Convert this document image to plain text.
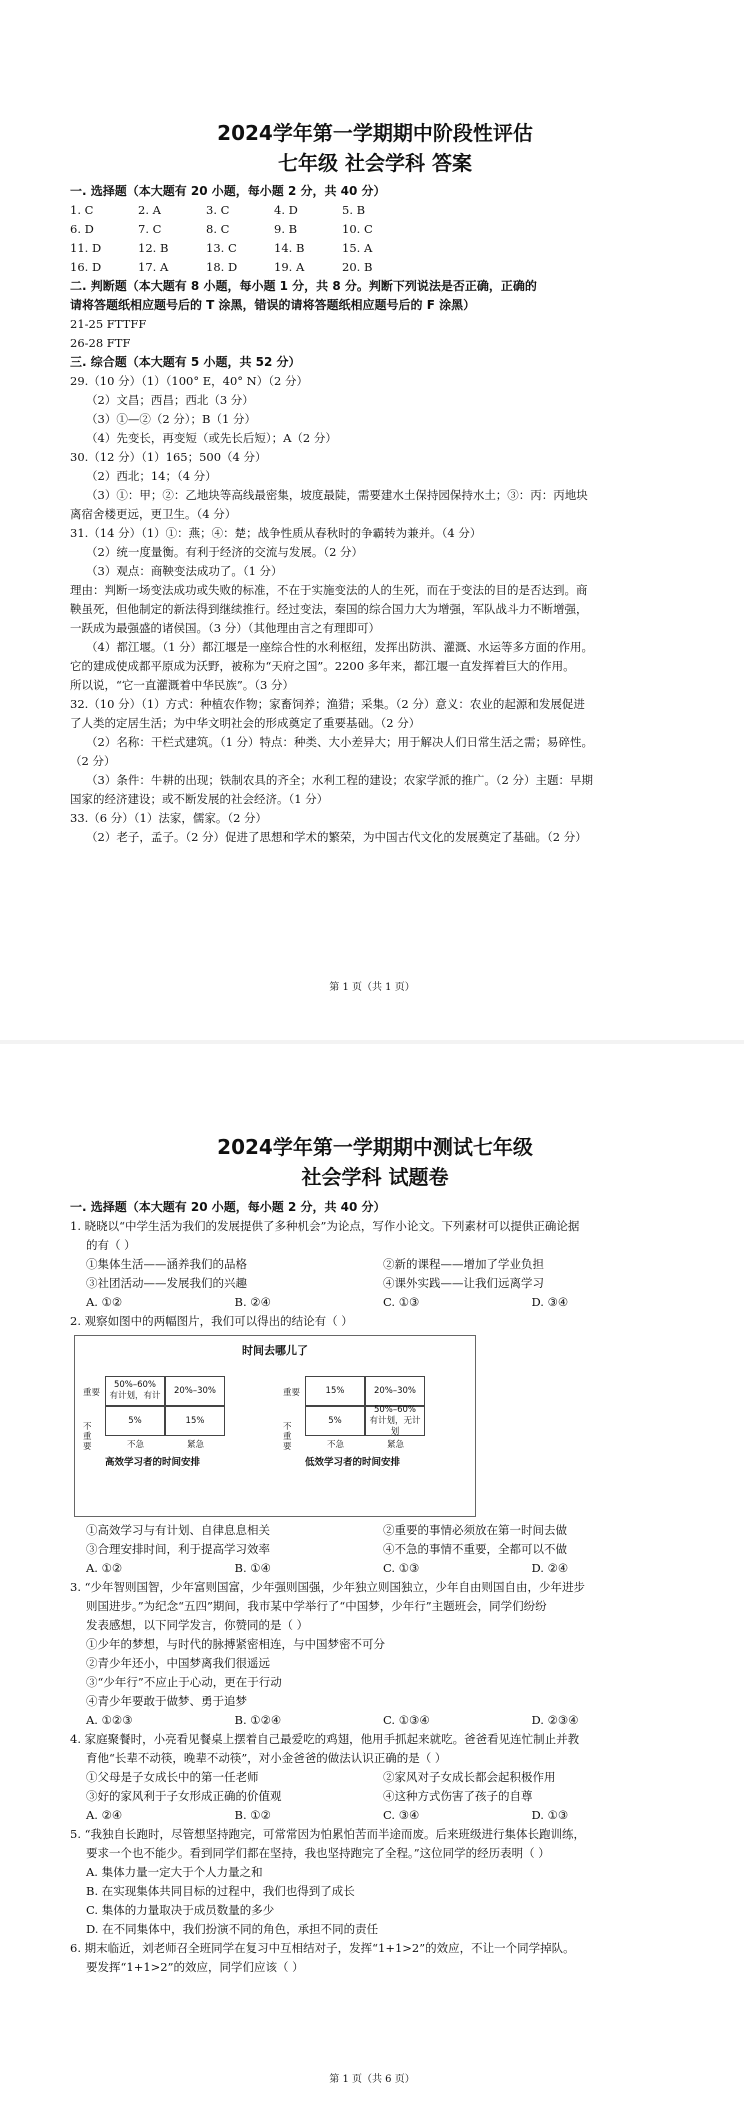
2024学年第一学期期中阶段性评估

七年级 社会学科 答案

一. 选择题（本大题有 20 小题，每小题 2 分，共 40 分）

1. C	2. A	3. C	4. D	5. B
6. D	7. C	8. C	9. B	10. C
11. D	12. B	13. C	14. B	15. A
16. D	17. A	18. D	19. A	20. B

二. 判断题（本大题有 8 小题，每小题 1 分，共 8 分。判断下列说法是否正确，正确的

请将答题纸相应题号后的 T 涂黑，错误的请将答题纸相应题号后的 F 涂黑）

21-25 FTTFF

26-28 FTF

三. 综合题（本大题有 5 小题，共 52 分）

29.（10 分）（1）（100° E，40° N）（2 分）

（2）文昌；西昌；西北（3 分）

（3）①—②（2 分）；B（1 分）

（4）先变长，再变短（或先长后短）；A（2 分）

30.（12 分）（1）165；500（4 分）

（2）西北；14；（4 分）

（3）①：甲；②：乙地块等高线最密集，坡度最陡，需要建水土保持园保持水土；③：丙：丙地块

离宿舍楼更远，更卫生。（4 分）

31.（14 分）（1）①：燕；④：楚；战争性质从春秋时的争霸转为兼并。（4 分）

（2）统一度量衡。有利于经济的交流与发展。（2 分）

（3）观点：商鞅变法成功了。（1 分）

理由：判断一场变法成功或失败的标准，不在于实施变法的人的生死，而在于变法的目的是否达到。商

鞅虽死，但他制定的新法得到继续推行。经过变法，秦国的综合国力大为增强，军队战斗力不断增强，

一跃成为最强盛的诸侯国。（3 分）（其他理由言之有理即可）

（4）都江堰。（1 分）都江堰是一座综合性的水利枢纽，发挥出防洪、灌溉、水运等多方面的作用。

它的建成使成都平原成为沃野，被称为“天府之国”。2200 多年来，都江堰一直发挥着巨大的作用。

所以说，“它一直灌溉着中华民族”。（3 分）

32.（10 分）（1）方式：种植农作物；家畜饲养；渔猎；采集。（2 分）意义：农业的起源和发展促进

了人类的定居生活；为中华文明社会的形成奠定了重要基础。（2 分）

（2）名称：干栏式建筑。（1 分）特点：种类、大小差异大；用于解决人们日常生活之需；易碎性。

（2 分）

（3）条件：牛耕的出现；铁制农具的齐全；水利工程的建设；农家学派的推广。（2 分）主题：早期

国家的经济建设；或不断发展的社会经济。（1 分）

33.（6 分）（1）法家，儒家。（2 分）

（2）老子，孟子。（2 分）促进了思想和学术的繁荣，为中国古代文化的发展奠定了基础。（2 分）

第 1 页（共 1 页）

2024学年第一学期期中测试七年级

社会学科 试题卷

一. 选择题（本大题有 20 小题，每小题 2 分，共 40 分）

1. 晓晓以“中学生活为我们的发展提供了多种机会”为论点，写作小论文。下列素材可以提供正确论据

的有（ ）

①集体生活——涵养我们的品格	②新的课程——增加了学业负担
③社团活动——发展我们的兴趣	④课外实践——让我们远离学习
A. ①②	B. ②④	C. ①③	D. ③④

2. 观察如图中的两幅图片，我们可以得出的结论有（ ）

时间去哪儿了
重要
不重要
50%–60%
有计划，有计
20%–30%
5%	15%
不急	紧急
高效学习者的时间安排
重要
不重要
15%	20%–30%
5%
50%–60%
有计划，无计划
不急	紧急
低效学习者的时间安排
①高效学习与有计划、自律息息相关	②重要的事情必须放在第一时间去做
③合理安排时间，利于提高学习效率	④不急的事情不重要，全都可以不做
A. ①②	B. ①④	C. ①③	D. ②④

3. “少年智则国智，少年富则国富，少年强则国强，少年独立则国独立，少年自由则国自由，少年进步

则国进步。”为纪念“五四”期间，我市某中学举行了“中国梦，少年行”主题班会，同学们纷纷

发表感想，以下同学发言，你赞同的是（ ）

①少年的梦想，与时代的脉搏紧密相连，与中国梦密不可分

②青少年还小，中国梦离我们很遥远

③“少年行”不应止于心动，更在于行动

④青少年要敢于做梦、勇于追梦

A. ①②③	B. ①②④	C. ①③④	D. ②③④

4. 家庭聚餐时，小亮看见餐桌上摆着自己最爱吃的鸡翅，他用手抓起来就吃。爸爸看见连忙制止并教

育他“长辈不动筷，晚辈不动筷”，对小金爸爸的做法认识正确的是（ ）

①父母是子女成长中的第一任老师	②家风对子女成长都会起积极作用
③好的家风利于子女形成正确的价值观	④这种方式伤害了孩子的自尊
A. ②④	B. ①②	C. ③④	D. ①③

5. “我独自长跑时，尽管想坚持跑完，可常常因为怕累怕苦而半途而废。后来班级进行集体长跑训练，

要求一个也不能少。看到同学们都在坚持，我也坚持跑完了全程。”这位同学的经历表明（ ）

A. 集体力量一定大于个人力量之和

B. 在实现集体共同目标的过程中，我们也得到了成长

C. 集体的力量取决于成员数量的多少

D. 在不同集体中，我们扮演不同的角色，承担不同的责任

6. 期末临近，刘老师召全班同学在复习中互相结对子，发挥“1+1>2”的效应，不让一个同学掉队。

要发挥“1+1>2”的效应，同学们应该（ ）

第 1 页（共 6 页）
